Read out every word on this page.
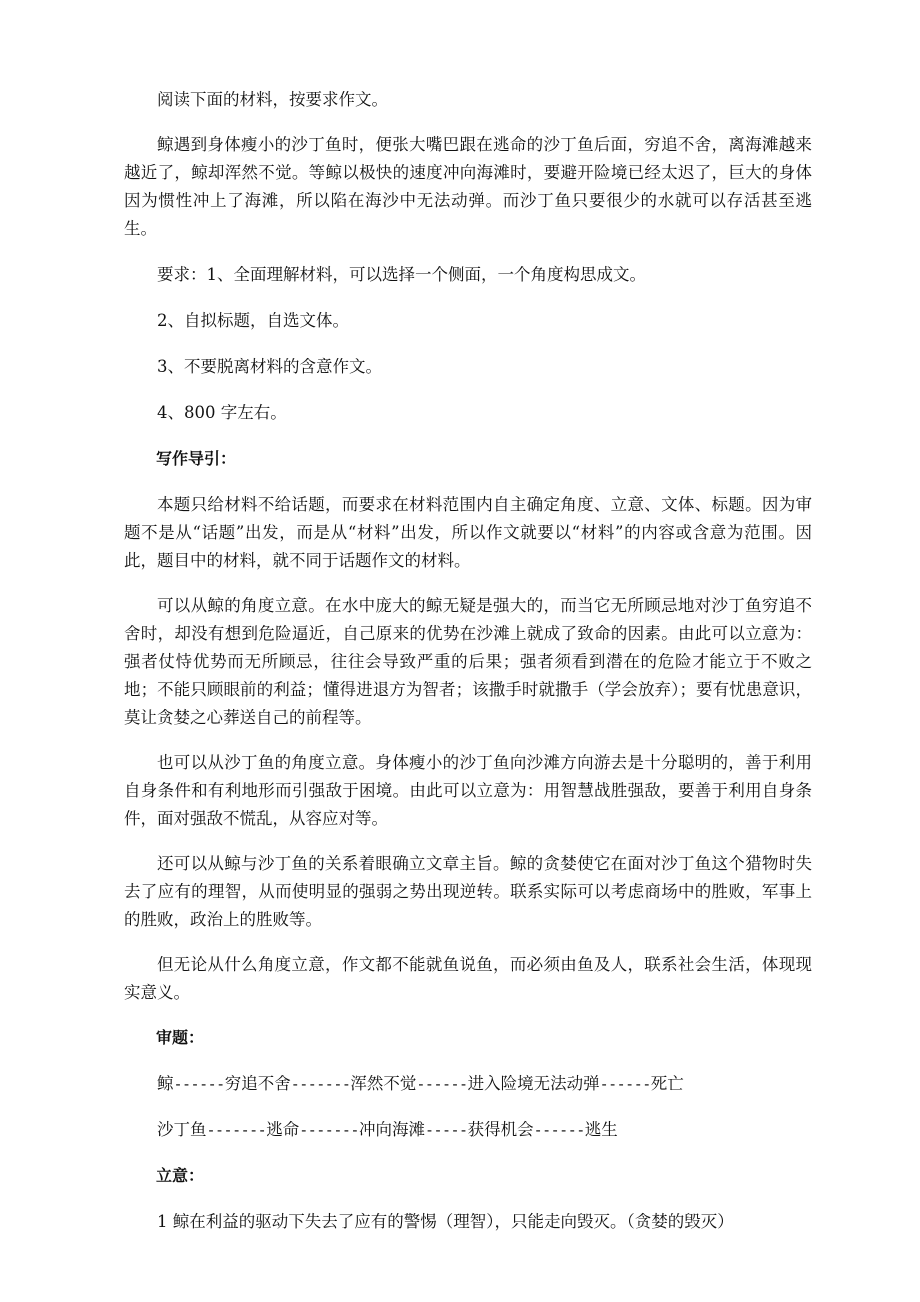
阅读下面的材料，按要求作文。

鲸遇到身体瘦小的沙丁鱼时，便张大嘴巴跟在逃命的沙丁鱼后面，穷追不舍，离海滩越来越近了，鲸却浑然不觉。等鲸以极快的速度冲向海滩时，要避开险境已经太迟了，巨大的身体因为惯性冲上了海滩，所以陷在海沙中无法动弹。而沙丁鱼只要很少的水就可以存活甚至逃生。

要求：1、全面理解材料，可以选择一个侧面，一个角度构思成文。

2、自拟标题，自选文体。

3、不要脱离材料的含意作文。

4、800 字左右。

写作导引：

本题只给材料不给话题，而要求在材料范围内自主确定角度、立意、文体、标题。因为审题不是从“话题”出发，而是从“材料”出发，所以作文就要以“材料”的内容或含意为范围。因此，题目中的材料，就不同于话题作文的材料。

可以从鲸的角度立意。在水中庞大的鲸无疑是强大的，而当它无所顾忌地对沙丁鱼穷追不舍时，却没有想到危险逼近，自己原来的优势在沙滩上就成了致命的因素。由此可以立意为：强者仗恃优势而无所顾忌，往往会导致严重的后果；强者须看到潜在的危险才能立于不败之地；不能只顾眼前的利益；懂得进退方为智者；该撒手时就撒手（学会放弃）；要有忧患意识，莫让贪婪之心葬送自己的前程等。

也可以从沙丁鱼的角度立意。身体瘦小的沙丁鱼向沙滩方向游去是十分聪明的，善于利用自身条件和有利地形而引强敌于困境。由此可以立意为：用智慧战胜强敌，要善于利用自身条件，面对强敌不慌乱，从容应对等。

还可以从鲸与沙丁鱼的关系着眼确立文章主旨。鲸的贪婪使它在面对沙丁鱼这个猎物时失去了应有的理智，从而使明显的强弱之势出现逆转。联系实际可以考虑商场中的胜败，军事上的胜败，政治上的胜败等。

但无论从什么角度立意，作文都不能就鱼说鱼，而必须由鱼及人，联系社会生活，体现现实意义。

审题：

鲸------穷追不舍-------浑然不觉------进入险境无法动弹------死亡

沙丁鱼-------逃命-------冲向海滩-----获得机会------逃生

立意：

1 鲸在利益的驱动下失去了应有的警惕（理智），只能走向毁灭。（贪婪的毁灭）
